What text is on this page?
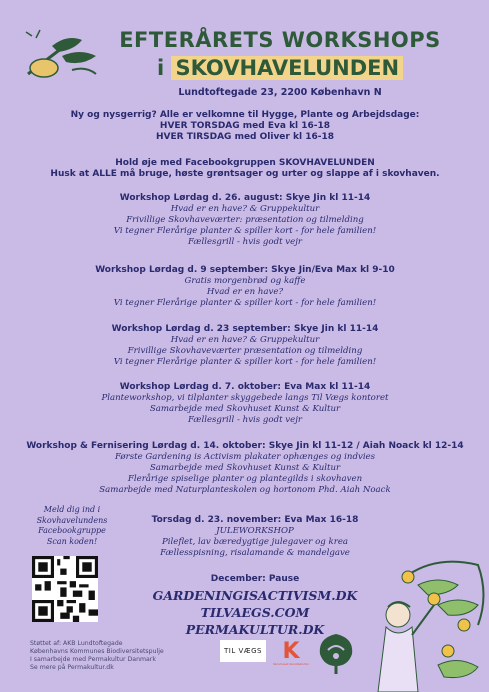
EFTERÅRETS WORKSHOPS
i SKOVHAVELUNDEN
Lundtoftegade 23, 2200 København N
Ny og nysgerrig? Alle er velkomne til Hygge, Plante og Arbejdsdage:
HVER TORSDAG med Eva kl 16-18
HVER TIRSDAG med Oliver kl 16-18
Hold øje med Facebookgruppen SKOVHAVELUNDEN
Husk at ALLE må bruge, høste grøntsager og urter og slappe af i skovhaven.
Workshop Lørdag d. 26. august: Skye Jin kl 11-14
Hvad er en have? & Gruppekultur
Frivillige Skovhaveværter: præsentation og tilmelding
Vi tegner Flerårige planter & spiller kort - for hele familien!
Fællesgrill - hvis godt vejr
Workshop Lørdag d. 9 september: Skye Jin/Eva Max kl 9-10
Gratis morgenbrød og kaffe
Hvad er en have?
Vi tegner Flerårige planter & spiller kort - for hele familien!
Workshop Lørdag d. 23 september: Skye Jin kl 11-14
Hvad er en have? & Gruppekultur
Frivillige Skovhaveværter præsentation og tilmelding
Vi tegner Flerårige planter & spiller kort - for hele familien!
Workshop Lørdag d. 7. oktober: Eva Max kl 11-14
Planteworkshop, vi tilplanter skyggebede langs Til Vægs kontoret
Samarbejde med Skovhuset Kunst & Kultur
Fællesgrill - hvis godt vejr
Workshop & Fernisering Lørdag d. 14. oktober: Skye Jin kl 11-12 / Aiah Noack kl 12-14
Første Gardening is Activism plakater ophænges og indvies
Samarbejde med Skovhuset Kunst & Kultur
Flerårige spiselige planter og plantegilds i skovhaven
Samarbejde med Naturplanteskolen og hortonom Phd. Aiah Noack
Meld dig ind i
Skovhavelundens
Facebookgruppe
Scan koden!
Torsdag d. 23. november: Eva Max 16-18
JULEWORKSHOP
Pileflet, lav bæredygtige julegaver og krea
Fællesspisning, risalamande & mandelgave
December: Pause
GARDENINGISACTIVISM.DK
TILVAEGS.COM
PERMAKULTUR.DK
Støttet af: AKB Lundtoftegade
Københavns Kommunes Biodiversitetspulje
I samarbejde med Permakultur Danmark
Se mere på Permakultur.dk
TIL VÆGS K
Skovhuset Kunst&Kultur
